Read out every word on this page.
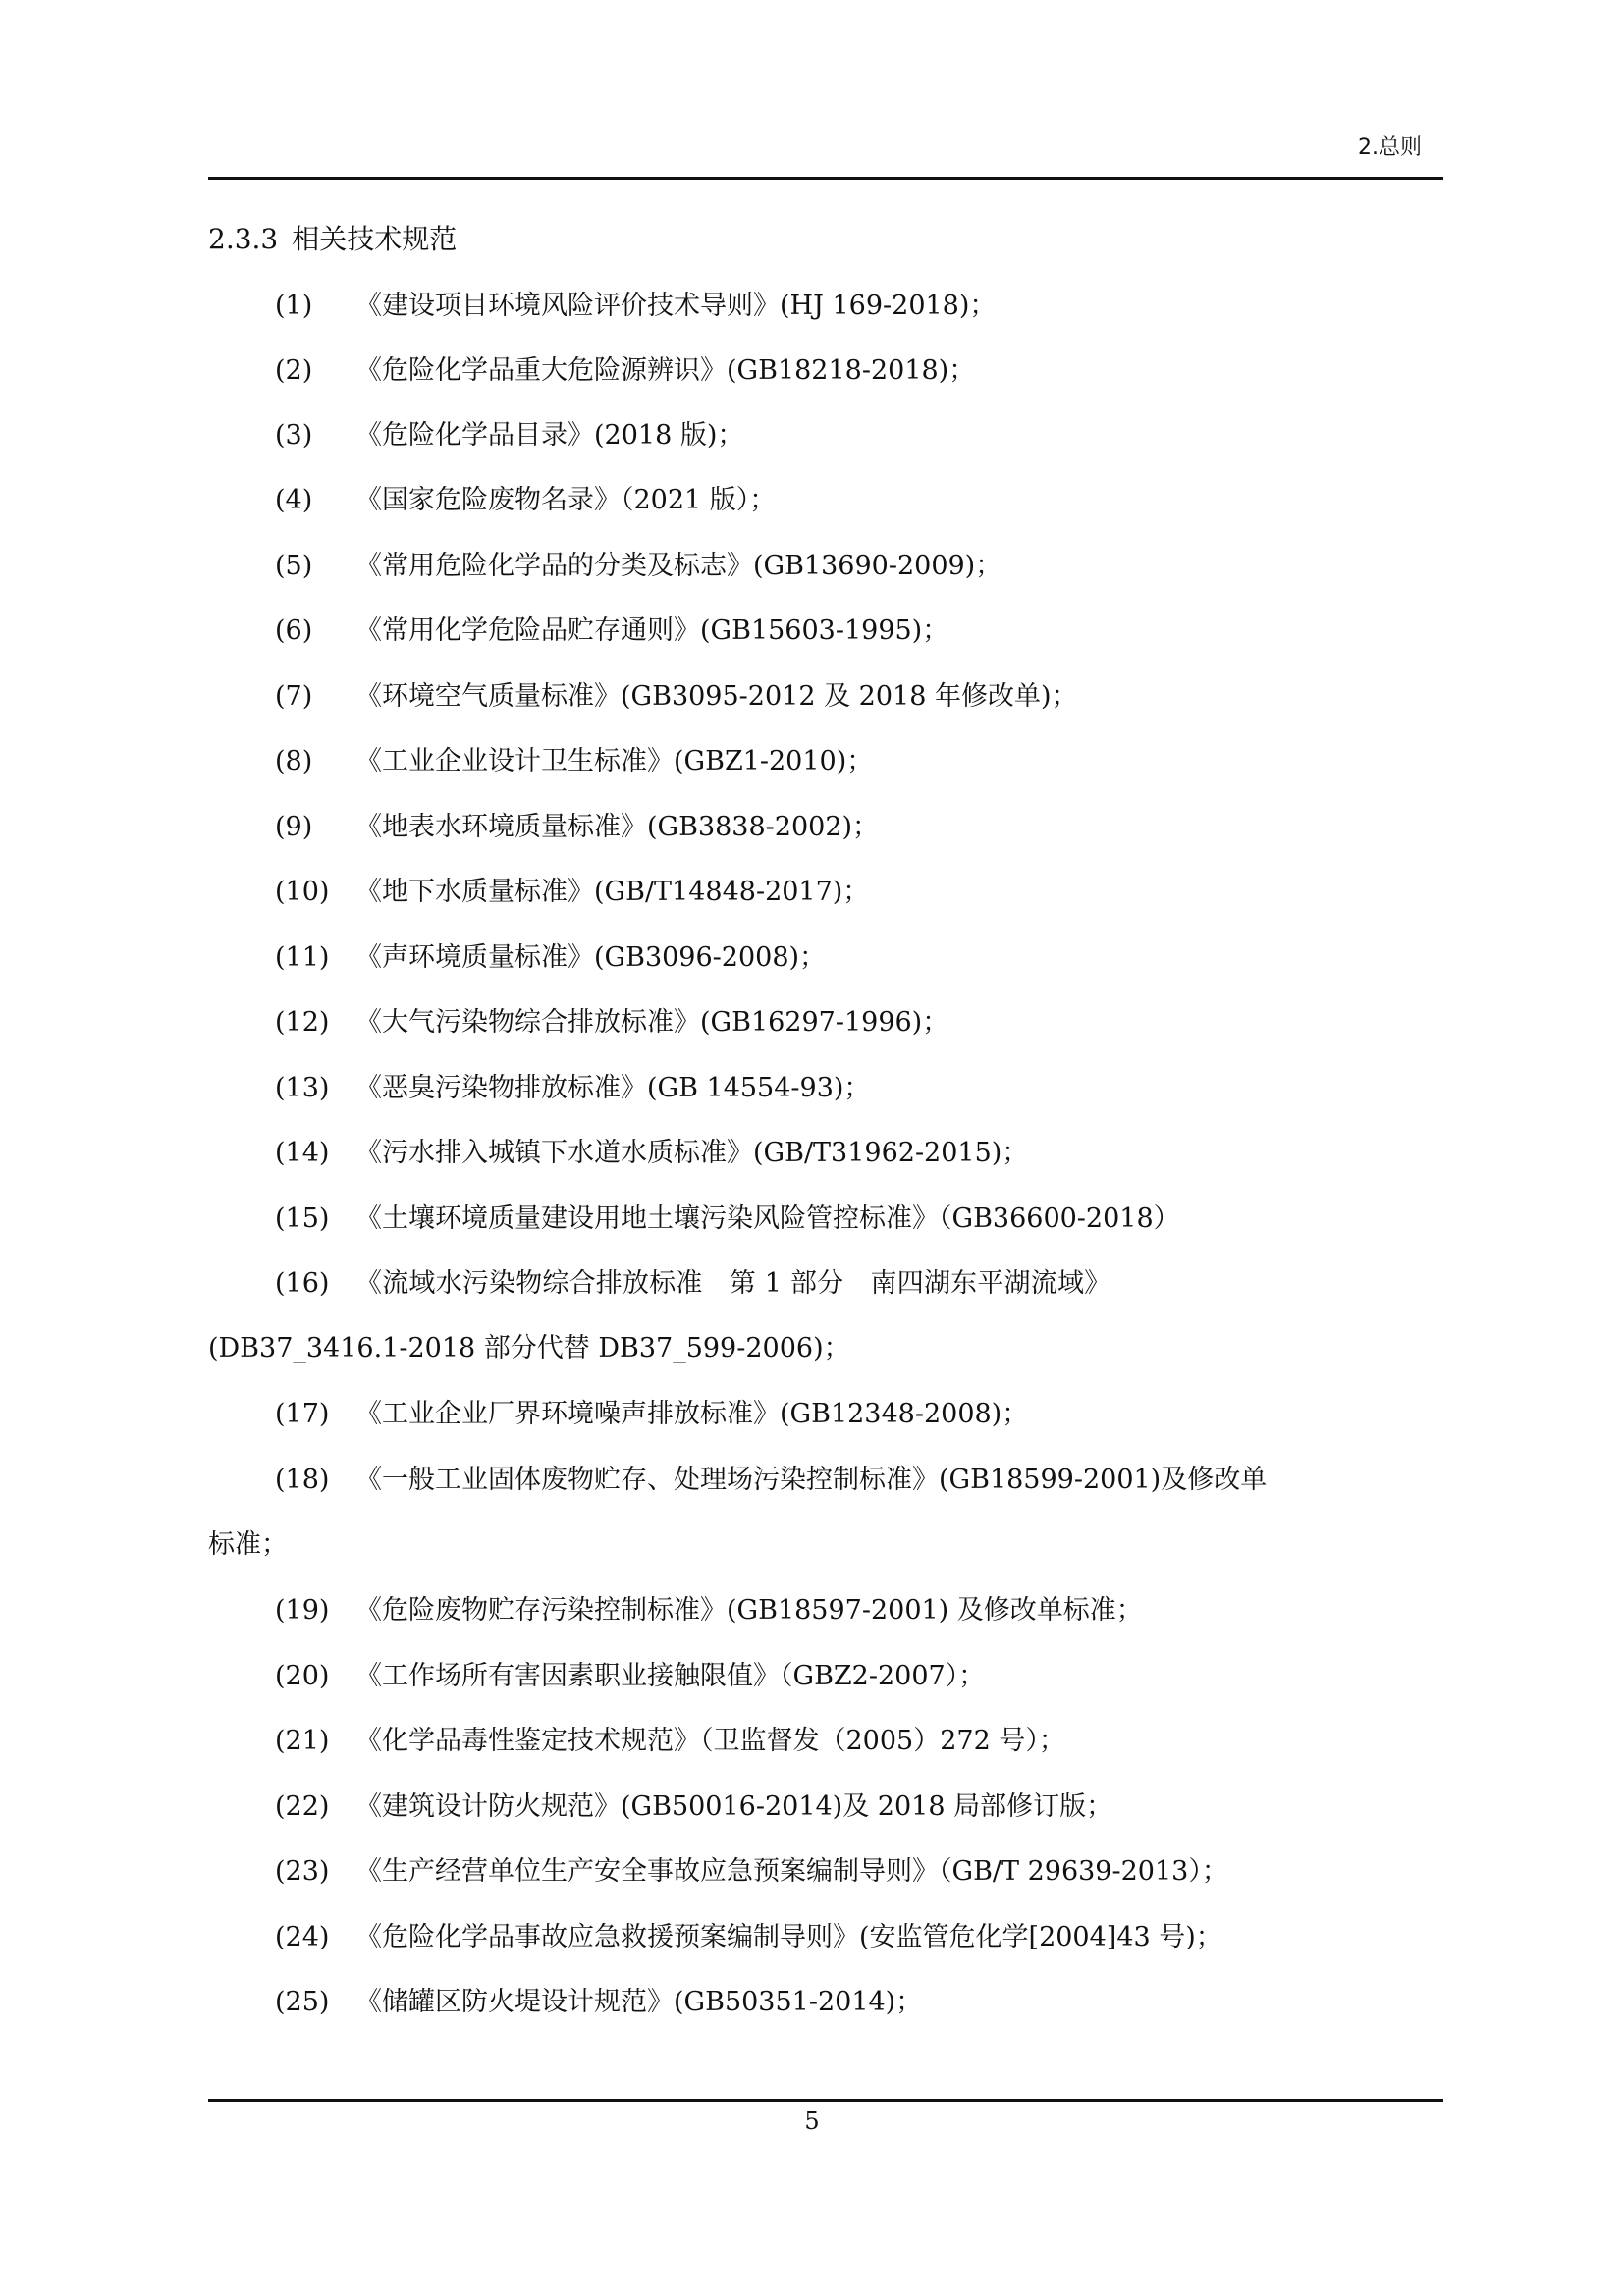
2.总则
2.3.3 相关技术规范
(1) 《建设项目环境风险评价技术导则》(HJ 169-2018)；
(2) 《危险化学品重大危险源辨识》(GB18218-2018)；
(3) 《危险化学品目录》(2018 版)；
(4) 《国家危险废物名录》（2021 版）；
(5) 《常用危险化学品的分类及标志》(GB13690-2009)；
(6) 《常用化学危险品贮存通则》(GB15603-1995)；
(7) 《环境空气质量标准》(GB3095-2012 及 2018 年修改单)；
(8) 《工业企业设计卫生标准》(GBZ1-2010)；
(9) 《地表水环境质量标准》(GB3838-2002)；
(10) 《地下水质量标准》(GB/T14848-2017)；
(11) 《声环境质量标准》(GB3096-2008)；
(12) 《大气污染物综合排放标准》(GB16297-1996)；
(13) 《恶臭污染物排放标准》(GB 14554-93)；
(14) 《污水排入城镇下水道水质标准》(GB/T31962-2015)；
(15) 《土壤环境质量建设用地土壤污染风险管控标准》（GB36600-2018）
(16) 《流域水污染物综合排放标准　第 1 部分　南四湖东平湖流域》
(DB37_3416.1-2018 部分代替 DB37_599-2006)；
(17) 《工业企业厂界环境噪声排放标准》(GB12348-2008)；
(18) 《一般工业固体废物贮存、处理场污染控制标准》(GB18599-2001)及修改单
标准；
(19) 《危险废物贮存污染控制标准》(GB18597-2001) 及修改单标准；
(20) 《工作场所有害因素职业接触限值》（GBZ2-2007）；
(21) 《化学品毒性鉴定技术规范》（卫监督发（2005）272 号）；
(22) 《建筑设计防火规范》(GB50016-2014)及 2018 局部修订版；
(23) 《生产经营单位生产安全事故应急预案编制导则》（GB/T 29639-2013）；
(24) 《危险化学品事故应急救援预案编制导则》(安监管危化学[2004]43 号)；
(25) 《储罐区防火堤设计规范》(GB50351-2014)；
5
